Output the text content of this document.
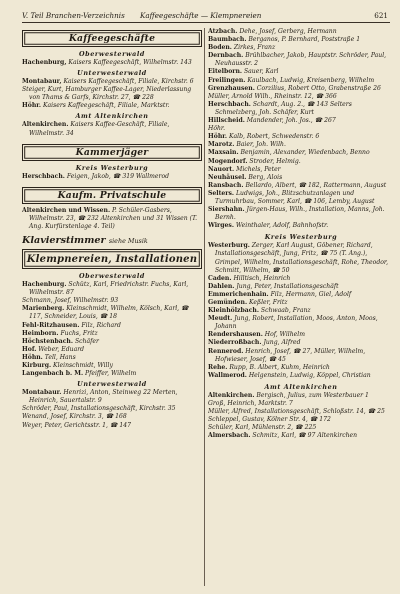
V. Teil Branchen-Verzeichnis Kaffeegeschäfte — Klempnereien	621
Kaffeegeschäfte
Oberwesterwald
Hachenburg, Kaisers Kaffeegeschäft, Wilhelmstr. 143
Unterwesterwald
Montabaur, Kaisers Kaffeegeschäft, Filiale, Kirchstr. 6
Steiger, Kurt, Hamburger Kaffee-Lager, Niederlassung von Thams & Garfs, Kirchstr. 27, ☎ 228
Höhr. Kaisers Kaffeegeschäft, Filiale, Marktstr.
Amt Altenkirchen
Altenkirchen. Kaisers Kaffee-Geschäft, Filiale, Wilhelmstr. 34
Kammerjäger
Kreis Westerburg
Herschbach. Feigen, Jakob, ☎ 319 Wallmerod
Kaufm. Privatschule
Altenkirchen und Wissen. P. Schüler-Gasbers, Wilhelmstr. 23, ☎ 232 Altenkirchen und 31 Wissen (T. Ang. Kurfürstenlage 4. Teil)
Klavierstimmer siehe Musik
Klempnereien, Installationen
Oberwesterwald
Hachenburg. Schütz, Karl, Friedrichstr. Fuchs, Karl, Wilhelmstr. 87
Schmann, Josef, Wilhelmstr. 93
Marienberg. Kleinschmidt, Wilhelm, Kölsch, Karl, ☎ 117, Schneider, Louis, ☎ 18
Fehl-Ritzhausen. Filz, Richard
Heimborn. Fuchs, Fritz
Höchstenbach. Schäfer
Hof. Weber, Eduard
Höhn. Tell, Hans
Kirburg. Kleinschmidt, Willy
Langenbach b. M. Pfeiffer, Wilhelm
Unterwesterwald
Montabaur. Henrizi, Anton, Steinweg 22 Merten, Heinrich, Sauertalstr. 9
Schröder, Paul, Installationsgeschäft, Kirchstr. 35
Wenand, Josef, Kirchstr. 3, ☎ 168
Weyer, Peter, Gerichtsstr. 1, ☎ 147
Atzbach. Dehe, Josef, Gerberg, Hermann
Baumbach. Berganos, P. Bernhard, Poststraße 1
Boden. Zirkes, Franz
Dernbach. Brühlbacher, Jakob, Hauptstr. Schröder, Paul, Neuhausstr. 2
Eitelborn. Sauer, Karl
Freilingen. Kaulbach, Ludwig, Kreisenberg, Wilhelm
Grenzhausen. Corzilius, Robert Otto, Grabenstraße 26
Müller, Arnold Wilh., Rheinstr. 12, ☎ 366
Herschbach. Schardt, Aug. 2., ☎ 143 Selters Schmelzberg, Joh. Schäfer, Kurt
Hillscheid. Mandender, Joh. Jos., ☎ 267
Höhr.
Höhr. Kalb, Robert, Schwedenstr. 6
Marotz. Baier, Joh. Wilh.
Maxsain. Benjamin, Alexander, Wiedenbach, Benno
Mogendorf. Stroder, Helmig.
Nauort. Michels, Peter
Neuhäusel. Berg, Alois
Ransbach. Bellardo, Albert, ☎ 182, Rattermann, August
Selters. Ludwigs, Joh., Blitzschutzanlagen und Turmuhrbau, Sommer, Karl, ☎ 106, Lemby, August
Siershahn. Jürgen-Haus, Wilh., Installation, Manns, Joh. Bernh.
Wirges. Weinthaler, Adolf, Bahnhofstr.
Kreis Westerburg
Westerburg. Zerger, Karl August, Göbener, Richard, Installationsgeschäft, Jung, Fritz, ☎ 75 (T. Ang.), Grimpel, Wilhelm, Installationsgeschäft, Rohe, Theodor, Schmitt, Wilhelm, ☎ 50
Caden. Hilltisch, Heinrich
Dahlen. Jung, Peter, Installationsgeschäft
Emmerichenhain. Filz, Hermann, Giel, Adolf
Gemünden. Keßler, Fritz
Kleinhölzbach. Schwaab, Franz
Meudt. Jung, Robert, Installation, Moos, Anton, Moos, Johann
Rendershausen. Hof, Wilhelm
Niederroßbach. Jung, Alfred
Rennerod. Henrich, Josef, ☎ 27, Müller, Wilhelm, Hofwieser, Josef, ☎ 45
Rehe. Rupp, B. Albert, Kuhm, Heinrich
Wallmerod. Helgenstein, Ludwig, Köppel, Christian
Amt Altenkirchen
Altenkirchen. Bergisch, Julius, zum Westerbauer 1
Groß, Heinrich, Marktstr. 7
Müller, Alfred, Installationsgeschäft, Schloßstr. 14, ☎ 25
Schleppel, Gustav, Kölner Str. 4, ☎ 172
Schüler, Karl, Mühlenstr. 2, ☎ 225
Almersbach. Schmitz, Karl, ☎ 97 Altenkirchen
